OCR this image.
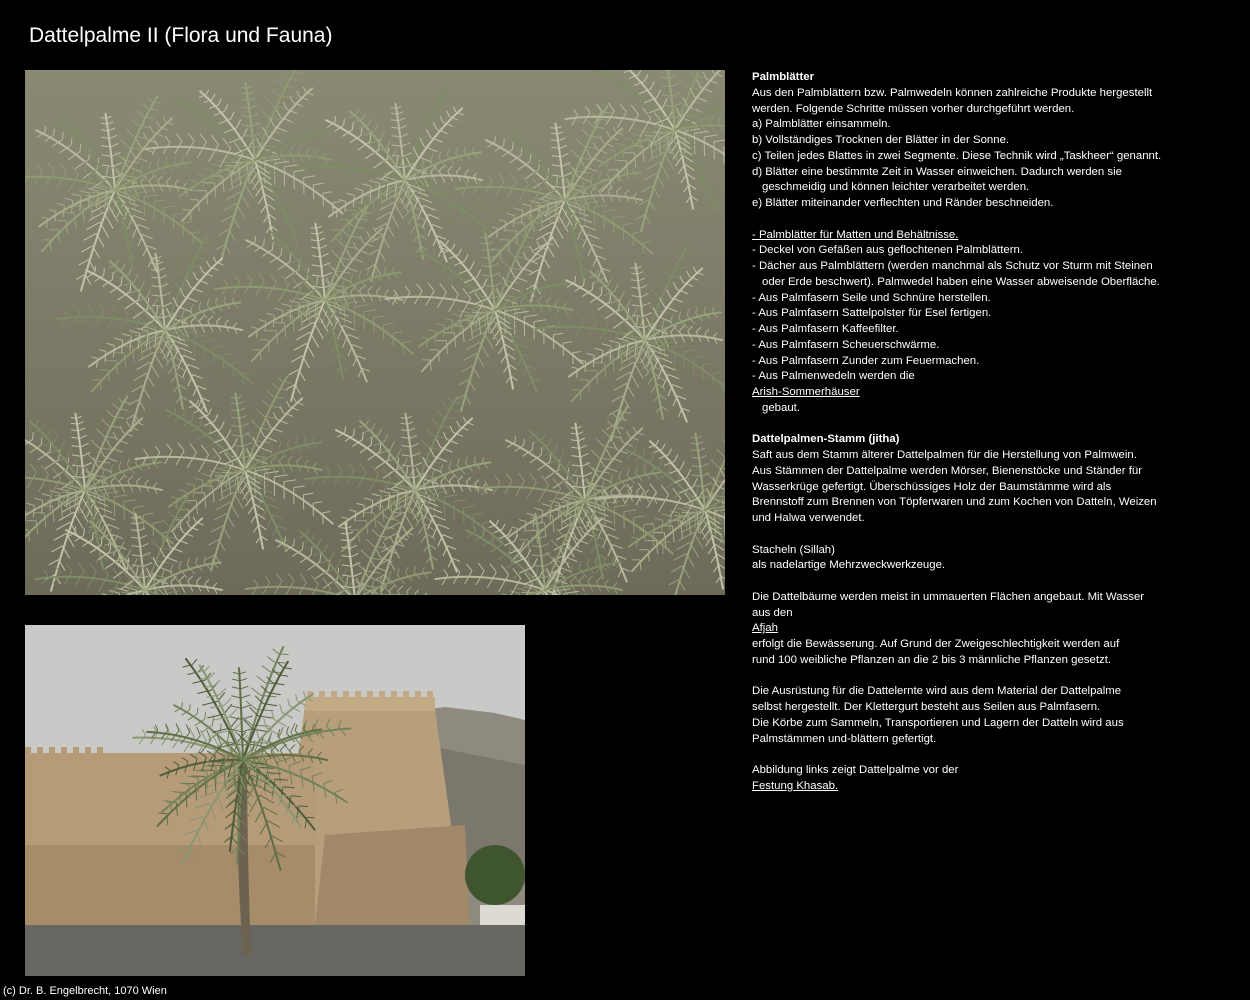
Dattelpalme II (Flora und Fauna)

Palmblätter

Aus den Palmblättern bzw. Palmwedeln können zahlreiche Produkte hergestellt

werden. Folgende Schritte müssen vorher durchgeführt werden.

a) Palmblätter einsammeln.

b) Vollständiges Trocknen der Blätter in der Sonne.

c) Teilen jedes Blattes in zwei Segmente. Diese Technik wird „Taskheer“ genannt.

d) Blätter eine bestimmte Zeit in Wasser einweichen. Dadurch werden sie

geschmeidig und können leichter verarbeitet werden.

e) Blätter miteinander verflechten und Ränder beschneiden.

- Palmblätter für Matten und Behältnisse.

- Deckel von Gefäßen aus geflochtenen Palmblättern.

- Dächer aus Palmblättern (werden manchmal als Schutz vor Sturm mit Steinen

oder Erde beschwert). Palmwedel haben eine Wasser abweisende Oberfläche.

- Aus Palmfasern Seile und Schnüre herstellen.

- Aus Palmfasern Sattelpolster für Esel fertigen.

- Aus Palmfasern Kaffeefilter.

- Aus Palmfasern Scheuerschwärme.

- Aus Palmfasern Zunder zum Feuermachen.

- Aus Palmenwedeln werden die

Arish-Sommerhäuser

gebaut.

Dattelpalmen-Stamm (jitha)

Saft aus dem Stamm älterer Dattelpalmen für die Herstellung von Palmwein.

Aus Stämmen der Dattelpalme werden Mörser, Bienenstöcke und Ständer für

Wasserkrüge gefertigt. Überschüssiges Holz der Baumstämme wird als

Brennstoff zum Brennen von Töpferwaren und zum Kochen von Datteln, Weizen

und Halwa verwendet.

Stacheln (Sillah)

als nadelartige Mehrzweckwerkzeuge.

Die Dattelbäume werden meist in ummauerten Flächen angebaut. Mit Wasser

aus den

Afjah

erfolgt die Bewässerung. Auf Grund der Zweigeschlechtigkeit werden auf

rund 100 weibliche Pflanzen an die 2 bis 3 männliche Pflanzen gesetzt.

Die Ausrüstung für die Dattelernte wird aus dem Material der Dattelpalme

selbst hergestellt. Der Klettergurt besteht aus Seilen aus Palmfasern.

Die Körbe zum Sammeln, Transportieren und Lagern der Datteln wird aus

Palmstämmen und-blättern gefertigt.

Abbildung links zeigt Dattelpalme vor der

Festung Khasab.

(c) Dr. B. Engelbrecht, 1070 Wien
